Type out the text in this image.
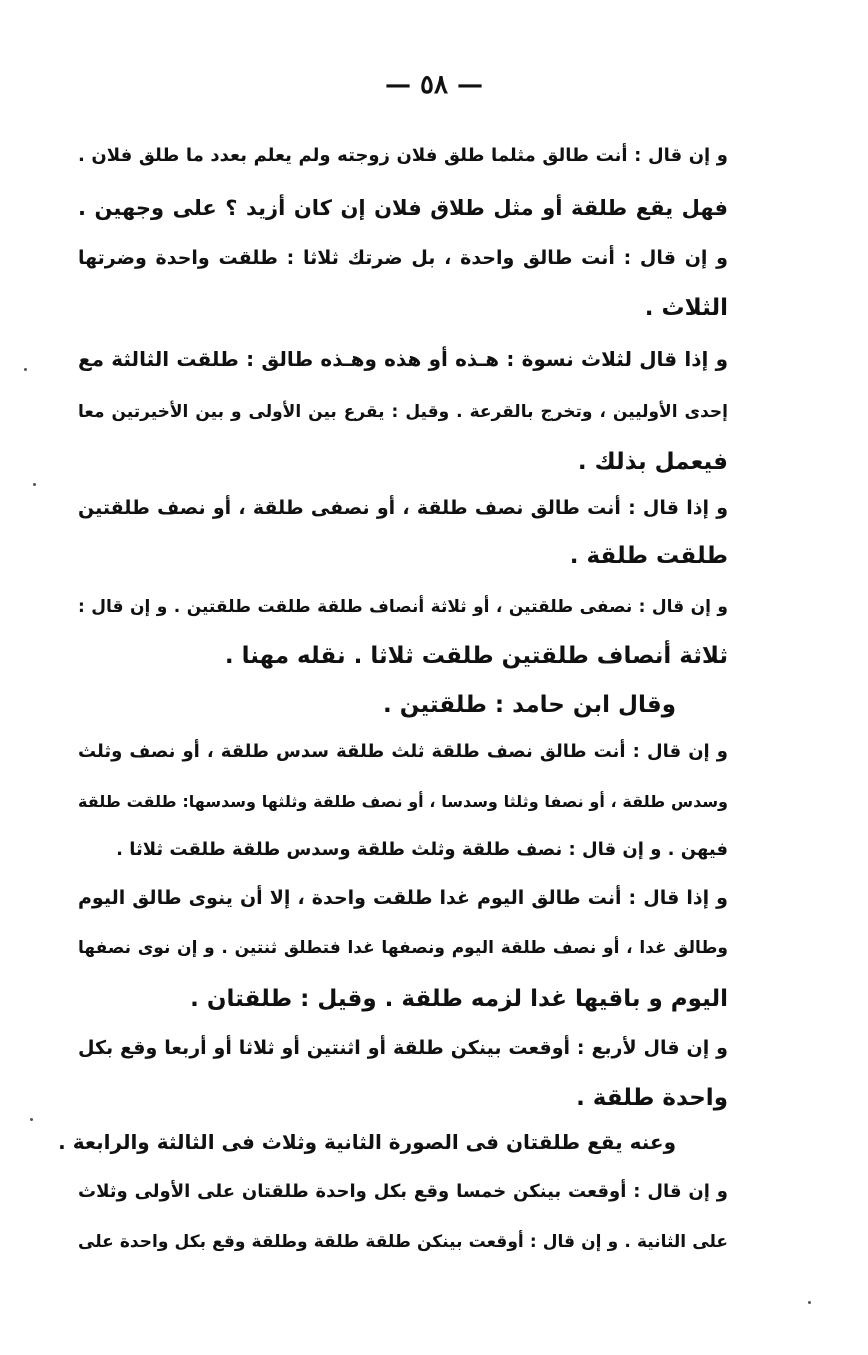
— ٥٨ —
و إن قال : أنت طالق مثلما طلق فلان زوجته ولم يعلم بعدد ما طلق فلان .
فهل يقع طلقة أو مثل طلاق فلان إن كان أزيد ؟ على وجهين .
و إن قال : أنت طالق واحدة ، بل ضرتك ثلاثا : طلقت واحدة وضرتها
الثلاث .
و إذا قال لثلاث نسوة : هـذه أو هذه وهـذه طالق : طلقت الثالثة مع
إحدى الأوليين ، وتخرج بالقرعة . وقيل : يقرع بين الأولى و بين الأخيرتين معا
فيعمل بذلك .
و إذا قال : أنت طالق نصف طلقة ، أو نصفى طلقة ، أو نصف طلقتين
طلقت طلقة .
و إن قال : نصفى طلقتين ، أو ثلاثة أنصاف طلقة طلقت طلقتين . و إن قال :
ثلاثة أنصاف طلقتين طلقت ثلاثا . نقله مهنا .
وقال ابن حامد : طلقتين .
و إن قال : أنت طالق نصف طلقة ثلث طلقة سدس طلقة ، أو نصف وثلث
وسدس طلقة ، أو نصفا وثلثا وسدسا ، أو نصف طلقة وثلثها وسدسها: طلقت طلقة
فيهن . و إن قال : نصف طلقة وثلث طلقة وسدس طلقة طلقت ثلاثا .
و إذا قال : أنت طالق اليوم غدا طلقت واحدة ، إلا أن ينوى طالق اليوم
وطالق غدا ، أو نصف طلقة اليوم ونصفها غدا فتطلق ثنتين . و إن نوى نصفها
اليوم و باقيها غدا لزمه طلقة . وقيل : طلقتان .
و إن قال لأربع : أوقعت بينكن طلقة أو اثنتين أو ثلاثا أو أربعا وقع بكل
واحدة طلقة .
وعنه يقع طلقتان فى الصورة الثانية وثلاث فى الثالثة والرابعة .
و إن قال : أوقعت بينكن خمسا وقع بكل واحدة طلقتان على الأولى وثلاث
على الثانية . و إن قال : أوقعت بينكن طلقة طلقة وطلقة وقع بكل واحدة على
